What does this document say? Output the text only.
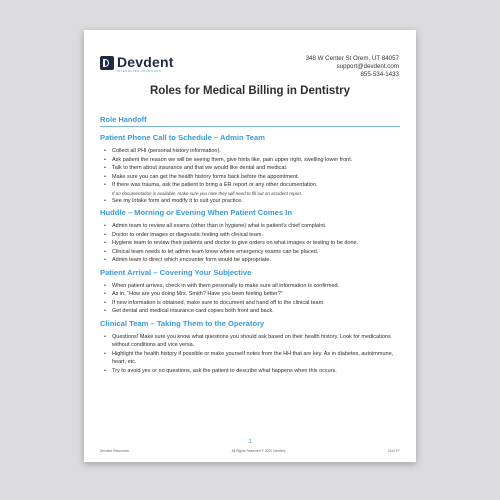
Devdent
INTEGRATED SOLUTIONS
348 W Center St Orem, UT 84057
support@devdent.com
855-534-1433
Roles for Medical Billing in Dentistry
Role Handoff
Patient Phone Call to Schedule – Admin Team
• Collect all PHI (personal history information).
• Ask patient the reason we will be seeing them, give hints like, pain upper right, swelling lower front.
• Talk to them about insurance and that we would like dental and medical.
• Make sure you can get the health history forms back before the appointment.
• If there was trauma, ask the patient to bring a ER report or any other documentation.
If no documentation is available, make sure you note they will need to fill out an accident report.
• See my intake form and modify it to suit your practice.
Huddle – Morning or Evening When Patient Comes In
• Admin team to review all exams (other than in hygiene) what is patient's chief complaint.
• Doctor to order images or diagnostic testing with clinical team.
• Hygiene team to review their patients and doctor to give orders on what images or testing to be done.
• Clinical team needs to let admin team know where emergency exams can be placed.
• Admin team to direct which encounter form would be appropriate.
Patient Arrival – Covering Your Subjective
• When patient arrives, check in with them personally to make sure all information is confirmed.
• As in, “How are you doing Mrs. Smith? Have you been feeling better?”
• If new information is obtained, make sure to document and hand off to the clinical team.
• Get dental and medical insurance card copies both front and back.
Clinical Team – Taking Them to the Operatory
• Questions! Make sure you know what questions you should ask based on their health history. Look for medications without conditions and vice versa.
• Highlight the health history if possible or make yourself notes from the HH that are key. As in diabetes, autoimmune, heart, etc.
• Try to avoid yes or no questions, ask the patient to describe what happens when this occurs.
1
Devdent Resources	All Rights Reserved © 2020 Devdent	1110 FY
